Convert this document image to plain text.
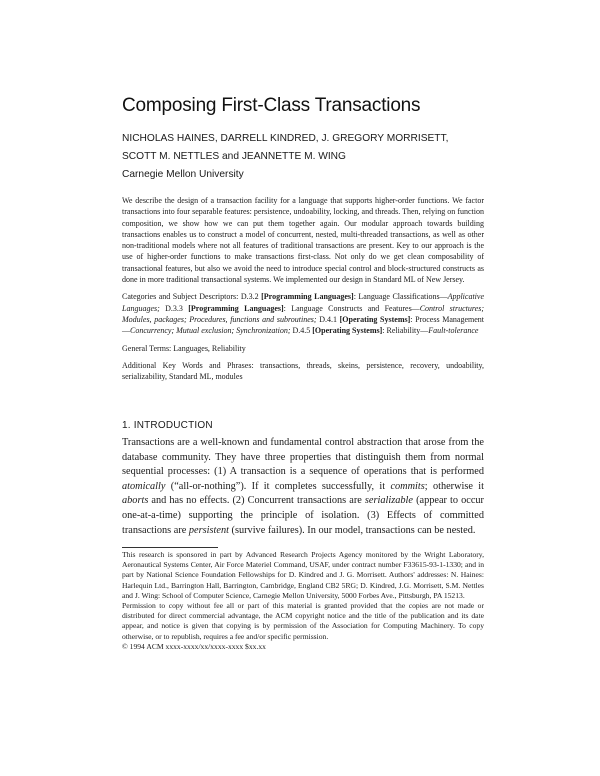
Composing First-Class Transactions
NICHOLAS HAINES, DARRELL KINDRED, J. GREGORY MORRISETT,
SCOTT M. NETTLES and JEANNETTE M. WING
Carnegie Mellon University

We describe the design of a transaction facility for a language that supports higher-order functions. We factor transactions into four separable features: persistence, undoability, locking, and threads. Then, relying on function composition, we show how we can put them together again. Our modular approach towards building transactions enables us to construct a model of concurrent, nested, multi-threaded transactions, as well as other non-traditional models where not all features of traditional transactions are present. Key to our approach is the use of higher-order functions to make transactions first-class. Not only do we get clean composability of transactional features, but also we avoid the need to introduce special control and block-structured constructs as done in more traditional transactional systems. We implemented our design in Standard ML of New Jersey.

Categories and Subject Descriptors: D.3.2 [Programming Languages]: Language Classifications—Applicative Languages; D.3.3 [Programming Languages]: Language Constructs and Features—Control structures; Modules, packages; Procedures, functions and subroutines; D.4.1 [Operating Systems]: Process Management—Concurrency; Mutual exclusion; Synchronization; D.4.5 [Operating Systems]: Reliability—Fault-tolerance

General Terms: Languages, Reliability

Additional Key Words and Phrases: transactions, threads, skeins, persistence, recovery, undoability, serializability, Standard ML, modules

1. INTRODUCTION

Transactions are a well-known and fundamental control abstraction that arose from the database community. They have three properties that distinguish them from normal sequential processes: (1) A transaction is a sequence of operations that is performed atomically (“all-or-nothing”). If it completes successfully, it commits; otherwise it aborts and has no effects. (2) Concurrent transactions are serializable (appear to occur one-at-a-time) supporting the principle of isolation. (3) Effects of committed transactions are persistent (survive failures). In our model, transactions can be nested.

This research is sponsored in part by Advanced Research Projects Agency monitored by the Wright Laboratory, Aeronautical Systems Center, Air Force Materiel Command, USAF, under contract number F33615-93-1-1330; and in part by National Science Foundation Fellowships for D. Kindred and J. G. Morrisett. Authors' addresses: N. Haines: Harlequin Ltd., Barrington Hall, Barrington, Cambridge, England CB2 5RG; D. Kindred, J.G. Morrisett, S.M. Nettles and J. Wing: School of Computer Science, Carnegie Mellon University, 5000 Forbes Ave., Pittsburgh, PA 15213.

Permission to copy without fee all or part of this material is granted provided that the copies are not made or distributed for direct commercial advantage, the ACM copyright notice and the title of the publication and its date appear, and notice is given that copying is by permission of the Association for Computing Machinery. To copy otherwise, or to republish, requires a fee and/or specific permission.

© 1994 ACM xxxx-xxxx/xx/xxxx-xxxx $xx.xx
